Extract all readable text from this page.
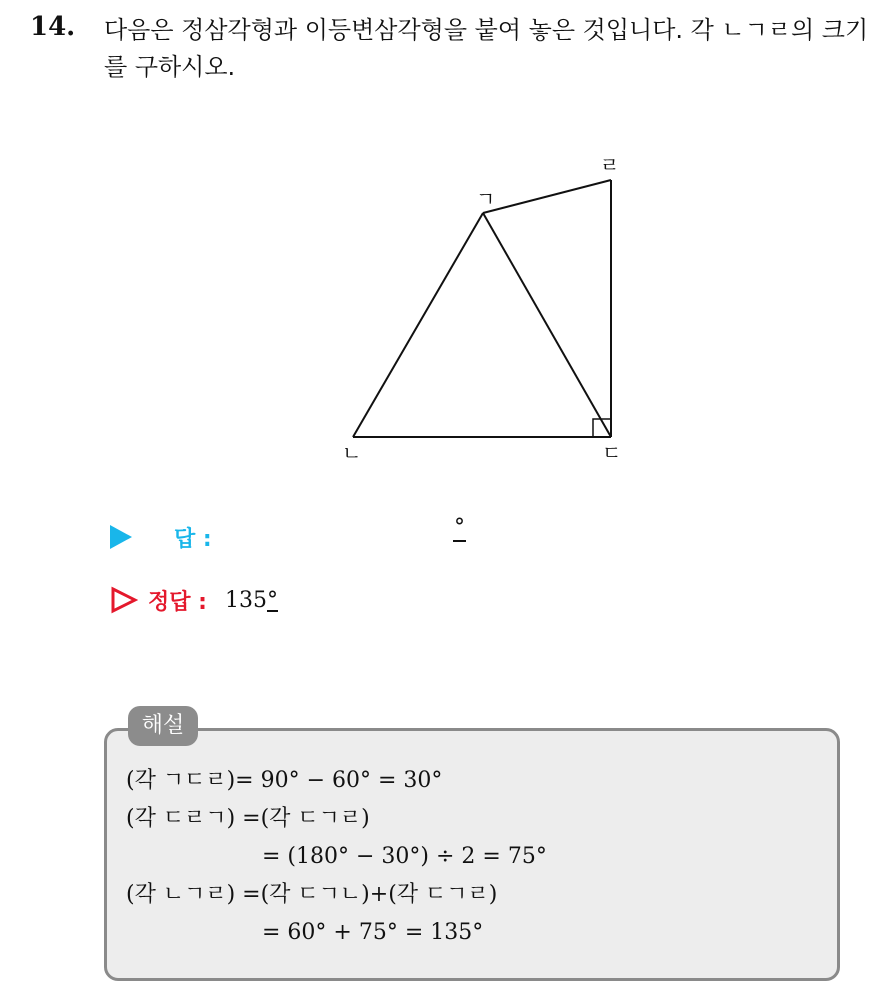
14. 다음은 정삼각형과 이등변삼각형을 붙여 놓은 것입니다. 각 ㄴㄱㄹ의 크기를 구하시오.
ㄱ
ㄴ	ㄷ
ㄹ
답 :	°
정답 : 135°
해설
(각 ㄱㄷㄹ)= 90° − 60° = 30°
(각 ㄷㄹㄱ) =(각 ㄷㄱㄹ)
= (180° − 30°) ÷ 2 = 75°
(각 ㄴㄱㄹ) =(각 ㄷㄱㄴ)+(각 ㄷㄱㄹ)
= 60° + 75° = 135°
